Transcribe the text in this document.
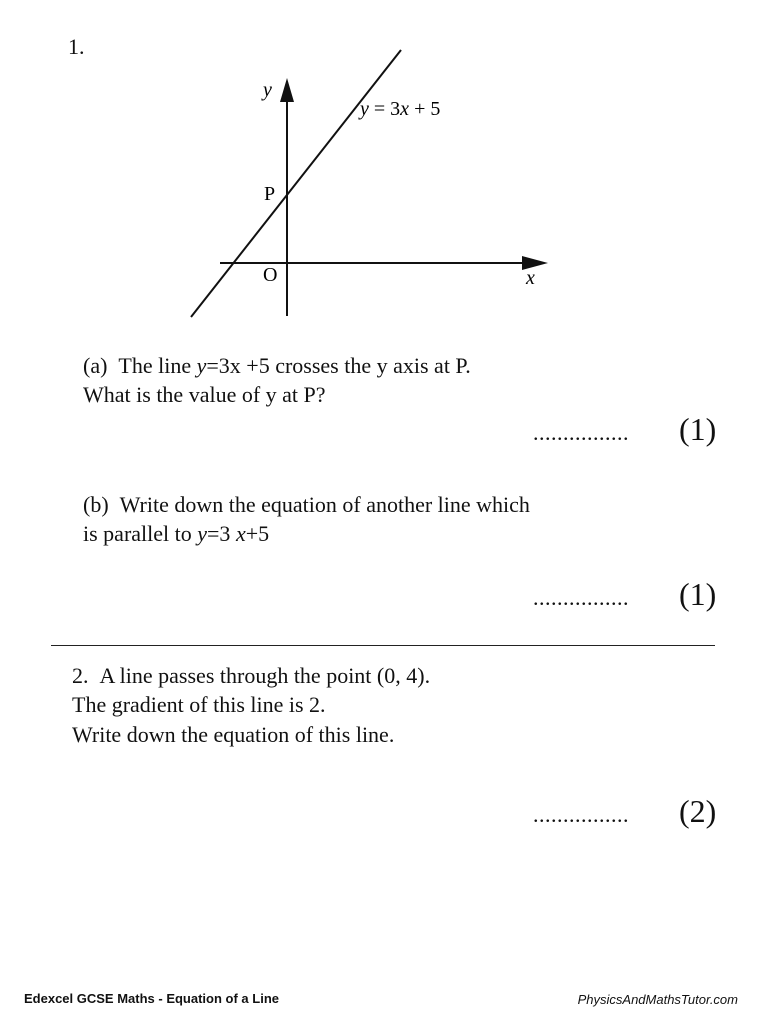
1.
y
x
O
P
y = 3x + 5
(a) The line y=3x +5 crosses the y axis at P.
What is the value of y at P?
................ (1)
(b) Write down the equation of another line which
is parallel to y=3 x+5
................ (1)
2. A line passes through the point (0, 4).
The gradient of this line is 2.
Write down the equation of this line.
................ (2)
Edexcel GCSE Maths - Equation of a Line	PhysicsAndMathsTutor.com
